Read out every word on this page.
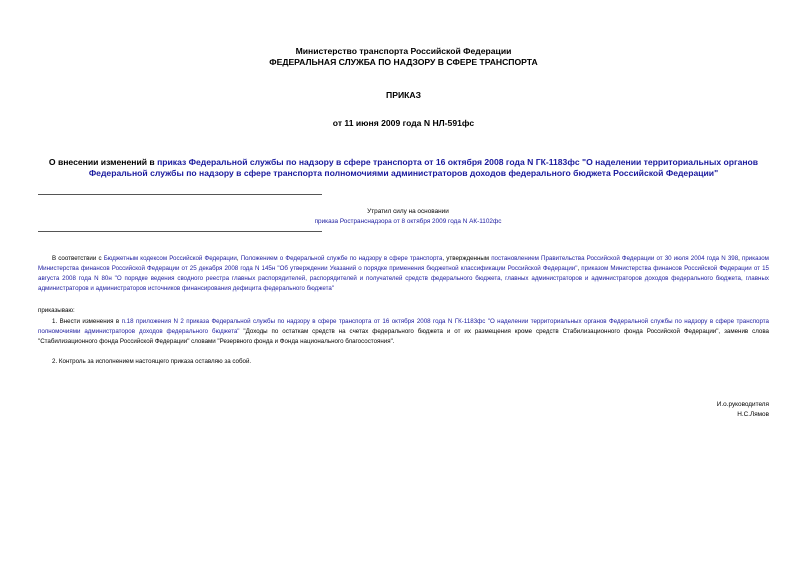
Министерство транспорта Российской Федерации
ФЕДЕРАЛЬНАЯ СЛУЖБА ПО НАДЗОРУ В СФЕРЕ ТРАНСПОРТА
ПРИКАЗ
от 11 июня 2009 года N НЛ-591фс
О внесении изменений в приказ Федеральной службы по надзору в сфере транспорта от 16 октября 2008 года N ГК-1183фс "О наделении территориальных органов Федеральной службы по надзору в сфере транспорта полномочиями администраторов доходов федерального бюджета Российской Федерации"
Утратил силу на основании
приказа Ространснадзора от 8 октября 2009 года N АК-1102фс
В соответствии с Бюджетным кодексом Российской Федерации, Положением о Федеральной службе по надзору в сфере транспорта, утвержденным постановлением Правительства Российской Федерации от 30 июля 2004 года N 398, приказом Министерства финансов Российской Федерации от 25 декабря 2008 года N 145н "Об утверждении Указаний о порядке применения бюджетной классификации Российской Федерации", приказом Министерства финансов Российской Федерации от 15 августа 2008 года N 80н "О порядке ведения сводного реестра главных распорядителей, распорядителей и получателей средств федерального бюджета, главных администраторов и администраторов доходов федерального бюджета, главных администраторов и администраторов источников финансирования дефицита федерального бюджета"
приказываю:
1. Внести изменения в п.18 приложения N 2 приказа Федеральной службы по надзору в сфере транспорта от 16 октября 2008 года N ГК-1183фс "О наделении территориальных органов Федеральной службы по надзору в сфере транспорта полномочиями администраторов доходов федерального бюджета" "Доходы по остаткам средств на счетах федерального бюджета и от их размещения кроме средств Стабилизационного фонда Российской Федерации", заменив слова "Стабилизационного фонда Российской Федерации" словами "Резервного фонда и Фонда национального благосостояния".
2. Контроль за исполнением настоящего приказа оставляю за собой.
И.о.руководителя
Н.С.Лямов
